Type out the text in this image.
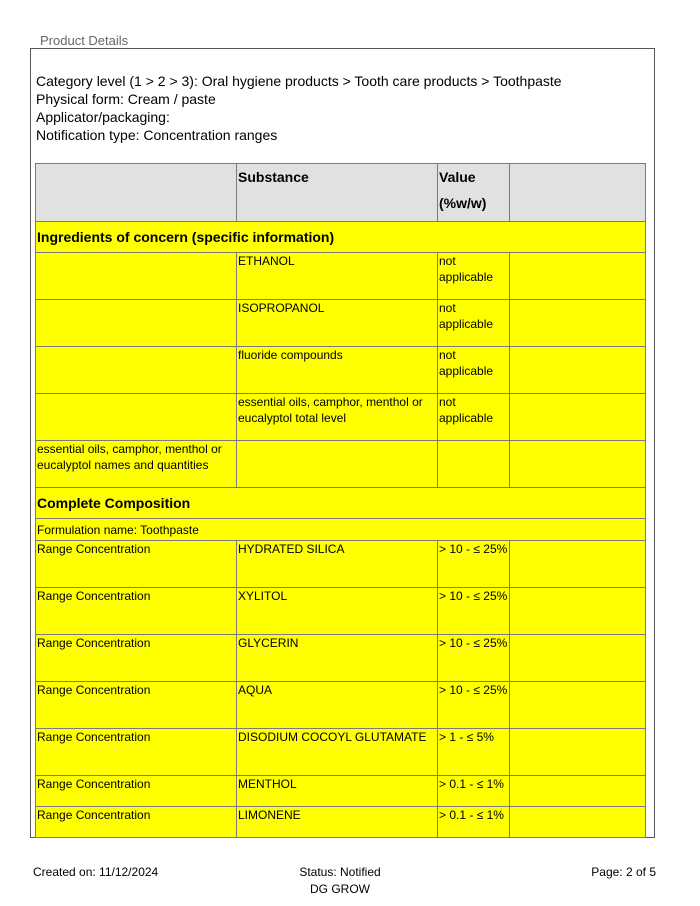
Product Details
Category level (1 > 2 > 3): Oral hygiene products > Tooth care products > Toothpaste
Physical form: Cream / paste
Applicator/packaging:
Notification type: Concentration ranges
	Substance	Value
(%w/w)	

Ingredients of concern (specific information)			
	ETHANOL	not applicable	
	ISOPROPANOL	not applicable	
	fluoride compounds	not applicable	
	essential oils, camphor, menthol or eucalyptol total level	not applicable	
essential oils, camphor, menthol or eucalyptol names and quantities			
Complete Composition			
Formulation name: Toothpaste			
Range Concentration	HYDRATED SILICA	> 10 - ≤ 25%	
Range Concentration	XYLITOL	> 10 - ≤ 25%	
Range Concentration	GLYCERIN	> 10 - ≤ 25%	
Range Concentration	AQUA	> 10 - ≤ 25%	
Range Concentration	DISODIUM COCOYL GLUTAMATE	> 1 - ≤ 5%	
Range Concentration	MENTHOL	> 0.1 - ≤ 1%	
Range Concentration	LIMONENE	> 0.1 - ≤ 1%	
Created on: 11/12/2024	Status: Notified
DG GROW
Page: 2 of 5
